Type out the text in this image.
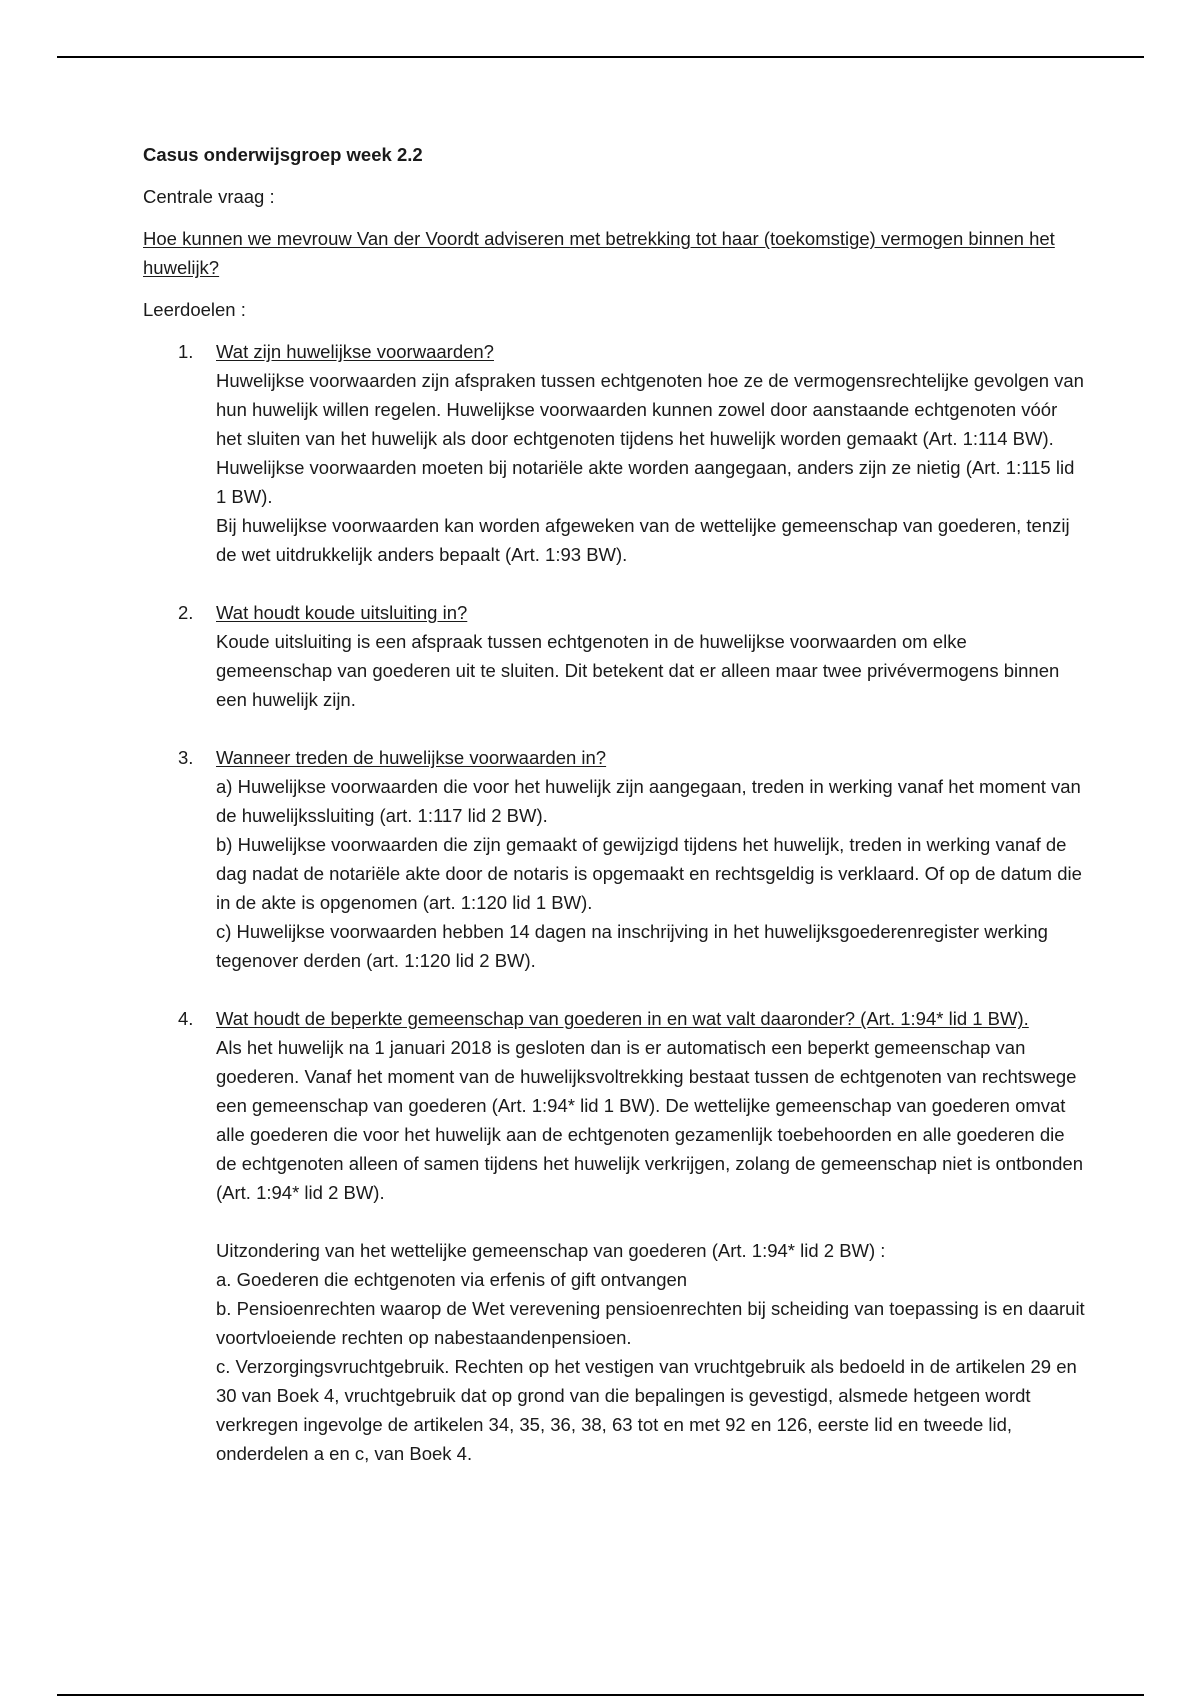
Casus onderwijsgroep week 2.2
Centrale vraag :
Hoe kunnen we mevrouw Van der Voordt adviseren met betrekking tot haar (toekomstige) vermogen binnen het huwelijk?
Leerdoelen :
1. Wat zijn huwelijkse voorwaarden?
Huwelijkse voorwaarden zijn afspraken tussen echtgenoten hoe ze de vermogensrechtelijke gevolgen van hun huwelijk willen regelen. Huwelijkse voorwaarden kunnen zowel door aanstaande echtgenoten vóór het sluiten van het huwelijk als door echtgenoten tijdens het huwelijk worden gemaakt (Art. 1:114 BW). Huwelijkse voorwaarden moeten bij notariële akte worden aangegaan, anders zijn ze nietig (Art. 1:115 lid 1 BW).
Bij huwelijkse voorwaarden kan worden afgeweken van de wettelijke gemeenschap van goederen, tenzij de wet uitdrukkelijk anders bepaalt (Art. 1:93 BW).
2. Wat houdt koude uitsluiting in?
Koude uitsluiting is een afspraak tussen echtgenoten in de huwelijkse voorwaarden om elke gemeenschap van goederen uit te sluiten. Dit betekent dat er alleen maar twee privévermogens binnen een huwelijk zijn.
3. Wanneer treden de huwelijkse voorwaarden in?
a) Huwelijkse voorwaarden die voor het huwelijk zijn aangegaan, treden in werking vanaf het moment van de huwelijkssluiting (art. 1:117 lid 2 BW).
b) Huwelijkse voorwaarden die zijn gemaakt of gewijzigd tijdens het huwelijk, treden in werking vanaf de dag nadat de notariële akte door de notaris is opgemaakt en rechtsgeldig is verklaard. Of op de datum die in de akte is opgenomen (art. 1:120 lid 1 BW).
c) Huwelijkse voorwaarden hebben 14 dagen na inschrijving in het huwelijksgoederenregister werking tegenover derden (art. 1:120 lid 2 BW).
4. Wat houdt de beperkte gemeenschap van goederen in en wat valt daaronder? (Art. 1:94* lid 1 BW).
Als het huwelijk na 1 januari 2018 is gesloten dan is er automatisch een beperkt gemeenschap van goederen. Vanaf het moment van de huwelijksvoltrekking bestaat tussen de echtgenoten van rechtswege een gemeenschap van goederen (Art. 1:94* lid 1 BW). De wettelijke gemeenschap van goederen omvat alle goederen die voor het huwelijk aan de echtgenoten gezamenlijk toebehoorden en alle goederen die de echtgenoten alleen of samen tijdens het huwelijk verkrijgen, zolang de gemeenschap niet is ontbonden (Art. 1:94* lid 2 BW).
Uitzondering van het wettelijke gemeenschap van goederen (Art. 1:94* lid 2 BW) :
a. Goederen die echtgenoten via erfenis of gift ontvangen
b. Pensioenrechten waarop de Wet verevening pensioenrechten bij scheiding van toepassing is en daaruit voortvloeiende rechten op nabestaandenpensioen.
c. Verzorgingsvruchtgebruik. Rechten op het vestigen van vruchtgebruik als bedoeld in de artikelen 29 en 30 van Boek 4, vruchtgebruik dat op grond van die bepalingen is gevestigd, alsmede hetgeen wordt verkregen ingevolge de artikelen 34, 35, 36, 38, 63 tot en met 92 en 126, eerste lid en tweede lid, onderdelen a en c, van Boek 4.
